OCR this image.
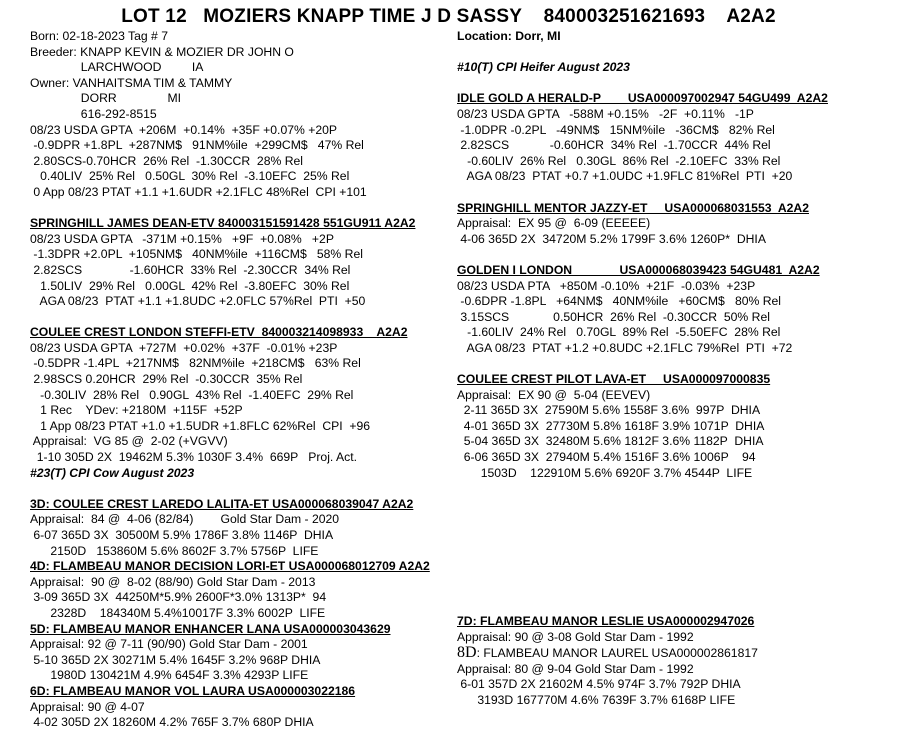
LOT 12   MOZIERS KNAPP TIME J D SASSY    840003251621693    A2A2
Born: 02-18-2023 Tag # 7
Breeder: KNAPP KEVIN & MOZIER DR JOHN O
LARCHWOOD         IA
Owner: VANHAITSMA TIM & TAMMY
DORR               MI
616-292-8515
08/23 USDA GPTA  +206M  +0.14%  +35F +0.07% +20P
-0.9DPR +1.8PL  +287NM$   91NM%ile  +299CM$   47% Rel
2.80SCS-0.70HCR  26% Rel  -1.30CCR  28% Rel
0.40LIV  25% Rel   0.50GL  30% Rel  -3.10EFC  25% Rel
0 App 08/23 PTAT +1.1 +1.6UDR +2.1FLC 48%Rel  CPI +101
SPRINGHILL JAMES DEAN-ETV 840003151591428 551GU911 A2A2
08/23 USDA GPTA   -371M +0.15%   +9F  +0.08%   +2P
-1.3DPR +2.0PL  +105NM$   40NM%ile  +116CM$   58% Rel
2.82SCS              -1.60HCR  33% Rel  -2.30CCR  34% Rel
1.50LIV  29% Rel   0.00GL  42% Rel  -3.80EFC  30% Rel
AGA 08/23  PTAT +1.1 +1.8UDC +2.0FLC 57%Rel  PTI  +50
COULEE CREST LONDON STEFFI-ETV  840003214098933    A2A2
08/23 USDA GPTA  +727M  +0.02%  +37F  -0.01% +23P
-0.5DPR -1.4PL  +217NM$   82NM%ile  +218CM$   63% Rel
2.98SCS 0.20HCR  29% Rel  -0.30CCR  35% Rel
-0.30LIV  28% Rel   0.90GL  43% Rel  -1.40EFC  29% Rel
1 Rec    YDev: +2180M  +115F  +52P
1 App 08/23 PTAT +1.0 +1.5UDR +1.8FLC 62%Rel  CPI  +96
Appraisal:  VG 85 @  2-02 (+VGVV)
1-10 305D 2X  19462M 5.3% 1030F 3.4%  669P   Proj. Act.
#23(T) CPI Cow August 2023
3D: COULEE CREST LAREDO LALITA-ET USA000068039047 A2A2
Appraisal:  84 @  4-06 (82/84)        Gold Star Dam - 2020
6-07 365D 3X  30500M 5.9% 1786F 3.8% 1146P  DHIA
2150D   153860M 5.6% 8602F 3.7% 5756P  LIFE
4D: FLAMBEAU MANOR DECISION LORI-ET USA000068012709 A2A2
Appraisal:  90 @  8-02 (88/90) Gold Star Dam - 2013
3-09 365D 3X  44250M*5.9% 2600F*3.0% 1313P*  94
2328D    184340M 5.4%10017F 3.3% 6002P  LIFE
5D: FLAMBEAU MANOR ENHANCER LANA USA000003043629
Appraisal: 92 @ 7-11 (90/90) Gold Star Dam - 2001
5-10 365D 2X 30271M 5.4% 1645F 3.2% 968P DHIA
1980D 130421M 4.9% 6454F 3.3% 4293P LIFE
6D: FLAMBEAU MANOR VOL LAURA USA000003022186
Appraisal: 90 @ 4-07
4-02 305D 2X 18260M 4.2% 765F 3.7% 680P DHIA
Location: Dorr, MI
#10(T) CPI Heifer August 2023
IDLE GOLD A HERALD-P        USA000097002947 54GU499  A2A2
08/23 USDA GPTA   -588M +0.15%   -2F  +0.11%   -1P
-1.0DPR -0.2PL   -49NM$   15NM%ile   -36CM$   82% Rel
2.82SCS            -0.60HCR  34% Rel  -1.70CCR  44% Rel
-0.60LIV  26% Rel   0.30GL  86% Rel  -2.10EFC  33% Rel
AGA 08/23  PTAT +0.7 +1.0UDC +1.9FLC 81%Rel  PTI  +20
SPRINGHILL MENTOR JAZZY-ET     USA000068031553  A2A2
Appraisal:  EX 95 @  6-09 (EEEEE)
4-06 365D 2X  34720M 5.2% 1799F 3.6% 1260P*  DHIA
GOLDEN I LONDON              USA000068039423 54GU481  A2A2
08/23 USDA PTA   +850M -0.10%  +21F  -0.03%  +23P
-0.6DPR -1.8PL   +64NM$   40NM%ile   +60CM$   80% Rel
3.15SCS             0.50HCR  26% Rel  -0.30CCR  50% Rel
-1.60LIV  24% Rel   0.70GL  89% Rel  -5.50EFC  28% Rel
AGA 08/23  PTAT +1.2 +0.8UDC +2.1FLC 79%Rel  PTI  +72
COULEE CREST PILOT LAVA-ET     USA000097000835
Appraisal:  EX 90 @  5-04 (EEVEV)
2-11 365D 3X  27590M 5.6% 1558F 3.6%  997P  DHIA
4-01 365D 3X  27730M 5.8% 1618F 3.9% 1071P  DHIA
5-04 365D 3X  32480M 5.6% 1812F 3.6% 1182P  DHIA
6-06 365D 3X  27940M 5.4% 1516F 3.6% 1006P    94
1503D    122910M 5.6% 6920F 3.7% 4544P  LIFE
7D: FLAMBEAU MANOR LESLIE USA000002947026
Appraisal: 90 @ 3-08 Gold Star Dam - 1992
8D: FLAMBEAU MANOR LAUREL USA000002861817
Appraisal: 80 @ 9-04 Gold Star Dam - 1992
6-01 357D 2X 21602M 4.5% 974F 3.7% 792P DHIA
3193D 167770M 4.6% 7639F 3.7% 6168P LIFE
